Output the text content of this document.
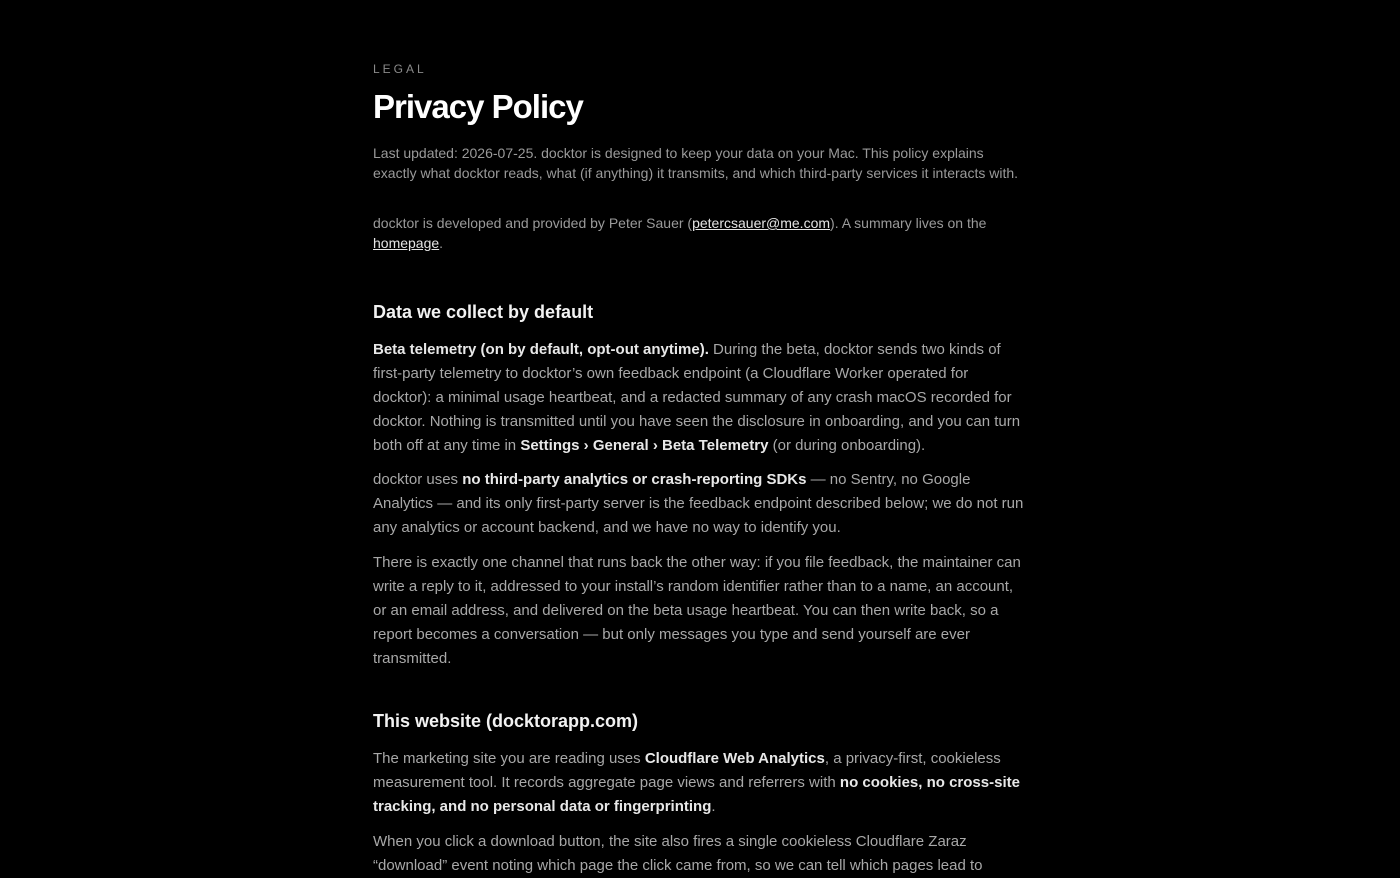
LEGAL

Privacy Policy

Last updated: 2026-07-25. docktor is designed to keep your data on your Mac. This policy explains exactly what docktor reads, what (if anything) it transmits, and which third-party services it interacts with.

docktor is developed and provided by Peter Sauer (petercsauer@me.com). A summary lives on the homepage.

Data we collect by default

Beta telemetry (on by default, opt-out anytime). During the beta, docktor sends two kinds of first-party telemetry to docktor’s own feedback endpoint (a Cloudflare Worker operated for docktor): a minimal usage heartbeat, and a redacted summary of any crash macOS recorded for docktor. Nothing is transmitted until you have seen the disclosure in onboarding, and you can turn both off at any time in Settings › General › Beta Telemetry (or during onboarding).

docktor uses no third-party analytics or crash-reporting SDKs — no Sentry, no Google Analytics — and its only first-party server is the feedback endpoint described below; we do not run any analytics or account backend, and we have no way to identify you.

There is exactly one channel that runs back the other way: if you file feedback, the maintainer can write a reply to it, addressed to your install’s random identifier rather than to a name, an account, or an email address, and delivered on the beta usage heartbeat. You can then write back, so a report becomes a conversation — but only messages you type and send yourself are ever transmitted.

This website (docktorapp.com)

The marketing site you are reading uses Cloudflare Web Analytics, a privacy-first, cookieless measurement tool. It records aggregate page views and referrers with no cookies, no cross-site tracking, and no personal data or fingerprinting.

When you click a download button, the site also fires a single cookieless Cloudflare Zaraz “download” event noting which page the click came from, so we can tell which pages lead to
